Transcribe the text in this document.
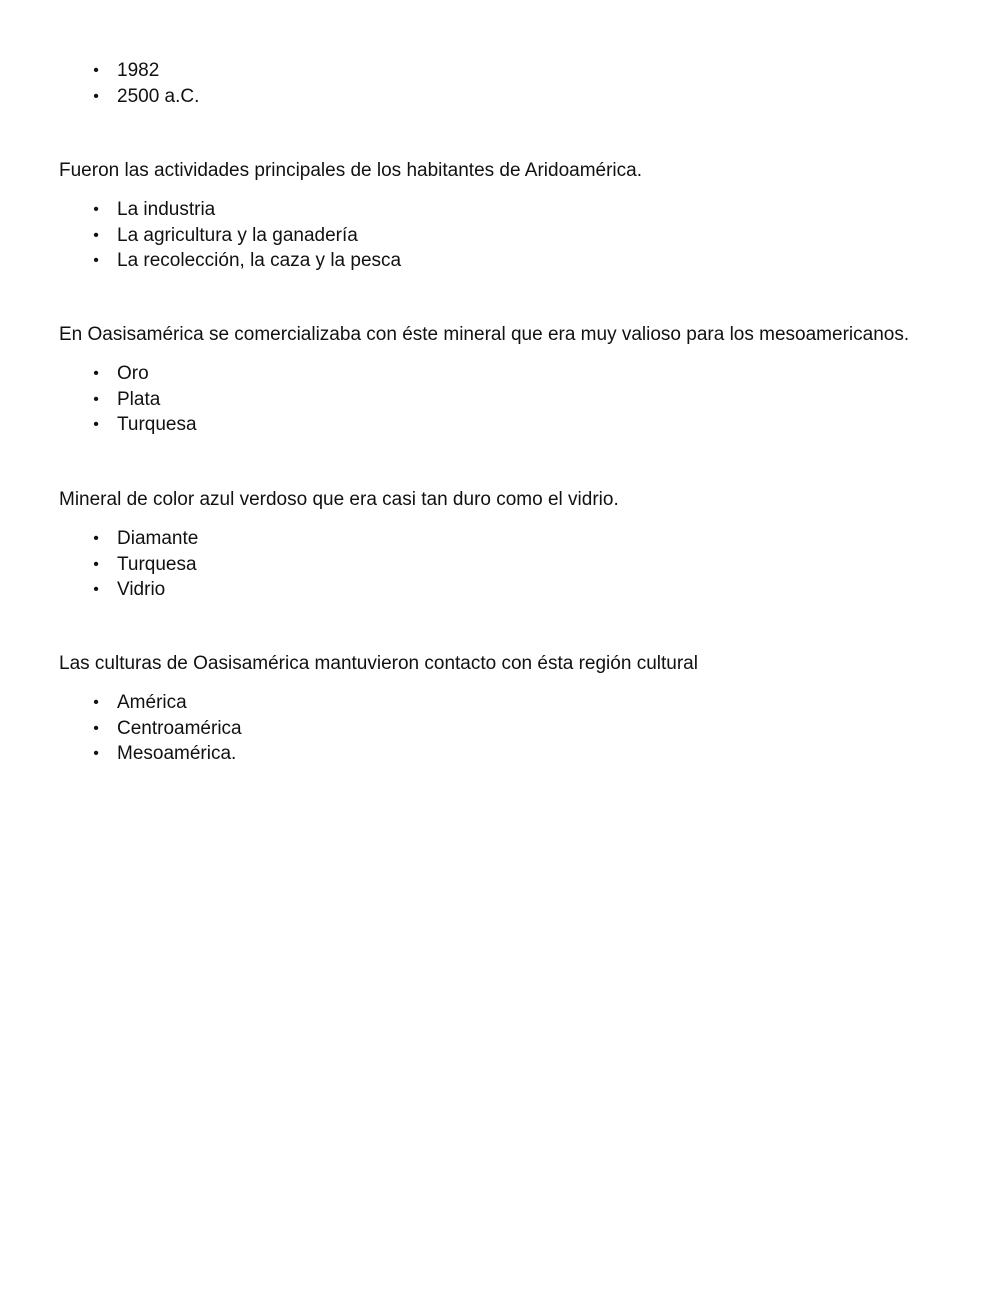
• 1982
• 2500 a.C.

Fueron las actividades principales de los habitantes de Aridoamérica.

• La industria
• La agricultura y la ganadería
• La recolección, la caza y la pesca

En Oasisamérica se comercializaba con éste mineral que era muy valioso para los mesoamericanos.

• Oro
• Plata
• Turquesa

Mineral de color azul verdoso que era casi tan duro como el vidrio.

• Diamante
• Turquesa
• Vidrio

Las culturas de Oasisamérica mantuvieron contacto con ésta región cultural

• América
• Centroamérica
• Mesoamérica.
